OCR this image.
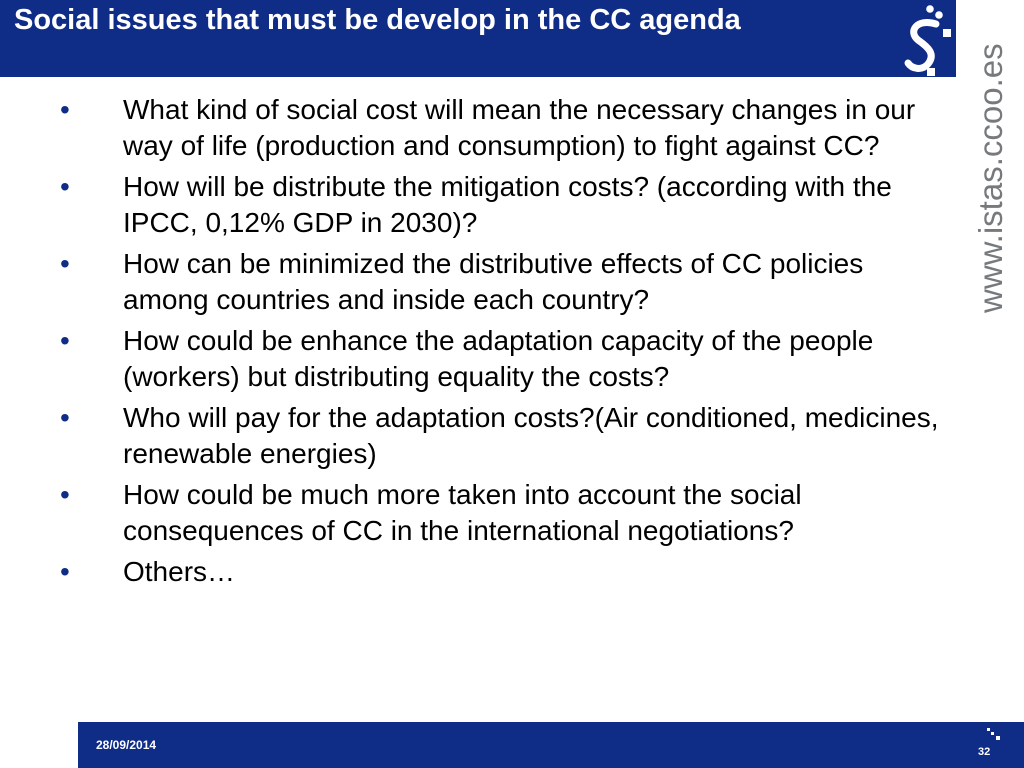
Social issues that must be develop in the CC agenda
www.istas.ccoo.es
• What kind of social cost will mean the necessary changes in our way of life (production and consumption) to fight against CC?
• How will be distribute the mitigation costs? (according with the IPCC, 0,12% GDP in 2030)?
• How can be minimized the distributive effects of CC policies among countries and inside each country?
• How could be enhance the adaptation capacity of the people (workers) but distributing equality the costs?
• Who will pay for the adaptation costs?(Air conditioned, medicines, renewable energies)
• How could be much more taken into account the social consequences of CC in the international negotiations?
• Others…
28/09/2014	32
